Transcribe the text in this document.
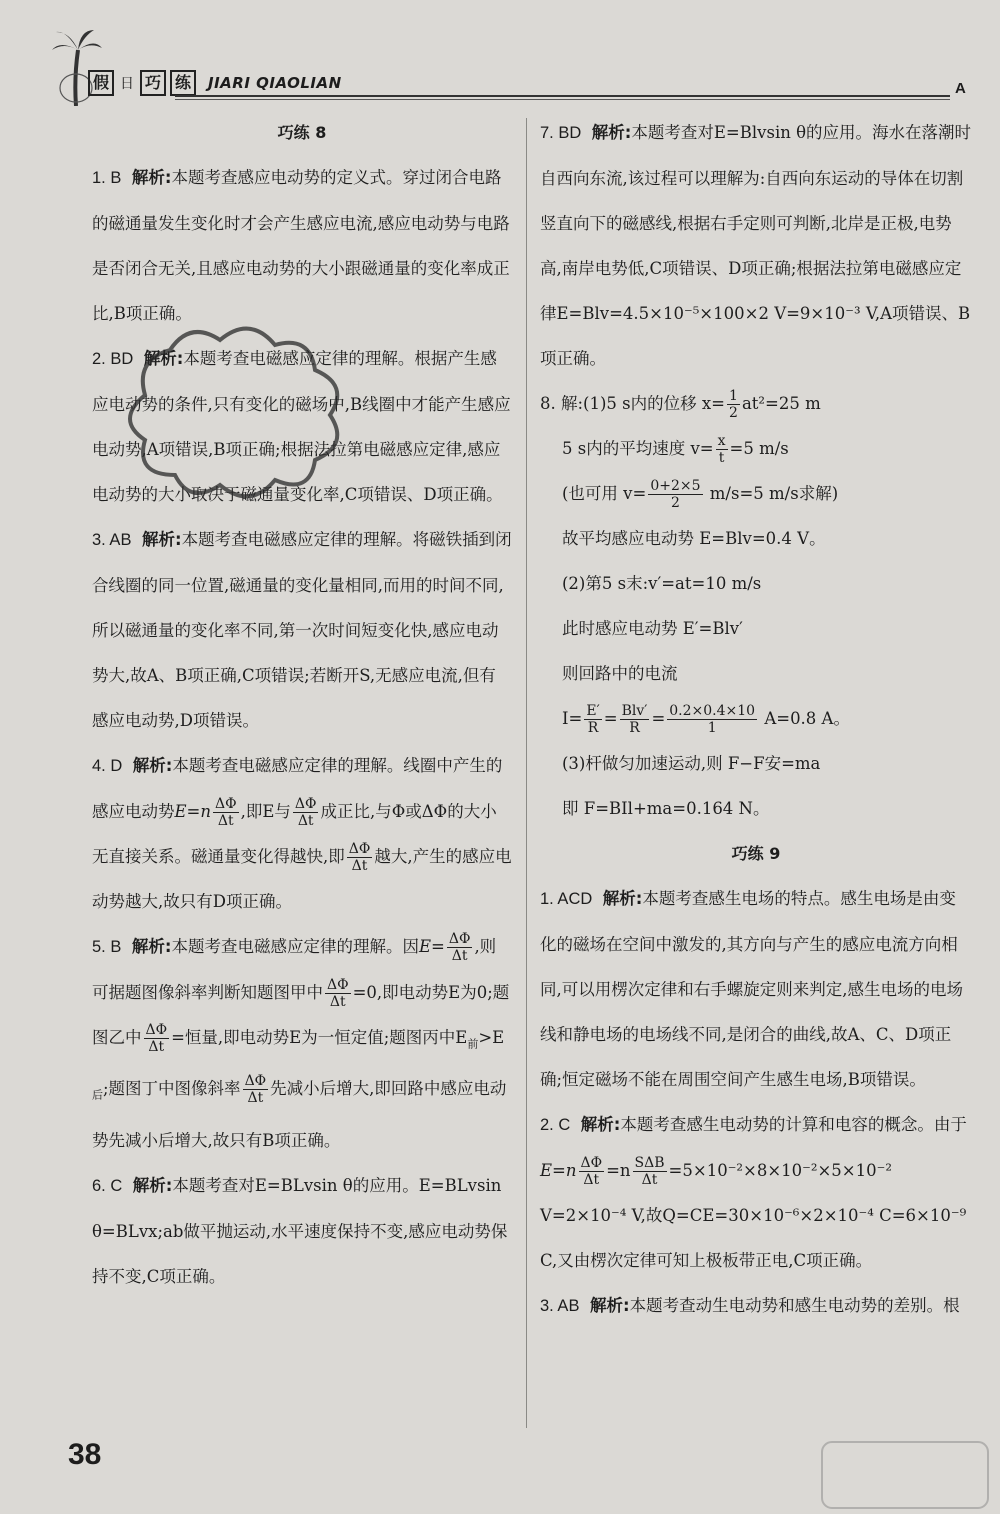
假 日 巧 练	JIARI QIAOLIAN	A
巧练 8

1. B 解析:本题考查感应电动势的定义式。穿过闭合电路的磁通量发生变化时才会产生感应电流,感应电动势与电路是否闭合无关,且感应电动势的大小跟磁通量的变化率成正比,B项正确。

2. BD 解析:本题考查电磁感应定律的理解。根据产生感应电动势的条件,只有变化的磁场中,B线圈中才能产生感应电动势,A项错误,B项正确;根据法拉第电磁感应定律,感应电动势的大小取决于磁通量变化率,C项错误、D项正确。

3. AB 解析:本题考查电磁感应定律的理解。将磁铁插到闭合线圈的同一位置,磁通量的变化量相同,而用的时间不同,所以磁通量的变化率不同,第一次时间短变化快,感应电动势大,故A、B项正确,C项错误;若断开S,无感应电流,但有感应电动势,D项错误。

4. D 解析:本题考查电磁感应定律的理解。线圈中产生的感应电动势$E=n \frac{\Delta\Phi}{\Delta t}$ ,即E与 $\frac{\Delta\Phi}{\Delta t}$ 成正比,与Φ或ΔΦ的大小无直接关系。磁通量变化得越快,即 $\frac{\Delta\Phi}{\Delta t}$ 越大,产生的感应电动势越大,故只有D项正确。

5. B 解析:本题考查电磁感应定律的理解。因$E= \frac{\Delta\Phi}{\Delta t}$ ,则可据题图像斜率判断知题图甲中 $\frac{\Delta\Phi}{\Delta t} =0$,即电动势E为0;题图乙中 $\frac{\Delta\Phi}{\Delta t}$ =恒量,即电动势E为一恒定值;题图丙中$E_前>E_后$;题图丁中图像斜率 $\frac{\Delta\Phi}{\Delta t}$ 先减小后增大,即回路中感应电动势先减小后增大,故只有B项正确。

6. C 解析:本题考查对E=BLvsin θ的应用。E=BLvsin θ=BLvx;ab做平抛运动,水平速度保持不变,感应电动势保持不变,C项正确。

7. BD 解析:本题考查对E=Blvsin θ的应用。海水在落潮时自西向东流,该过程可以理解为:自西向东运动的导体在切割竖直向下的磁感线,根据右手定则可判断,北岸是正极,电势高,南岸电势低,C项错误、D项正确;根据法拉第电磁感应定律E=Blv=4.5×10⁻⁵×100×2 V=9×10⁻³ V,A项错误、B项正确。

8. 解:(1)5 s内的位移 $x= \frac{1}{2} at^2=25$ m

5 s内的平均速度 $v= \frac{x}{t} =5$ m/s

(也可用 $v= \frac{0+2\times 5}{2} m/s=5$ m/s求解)

故平均感应电动势 E=Blv=0.4 V。

(2)第5 s末:v′=at=10 m/s

此时感应电动势 E′=Blv′

则回路中的电流

$I= \frac{E'}{R} = \frac{\text{Blv′}}{R} = \frac{0.2\times 0.4\times 10}{1} A=0.8$ A。

(3)杆做匀加速运动,则 F−F安=ma

即 F=BIl+ma=0.164 N。

巧练 9

1. ACD 解析:本题考查感生电场的特点。感生电场是由变化的磁场在空间中激发的,其方向与产生的感应电流方向相同,可以用楞次定律和右手螺旋定则来判定,感生电场的电场线和静电场的电场线不同,是闭合的曲线,故A、C、D项正确;恒定磁场不能在周围空间产生感生电场,B项错误。

2. C 解析:本题考查感生电动势的计算和电容的概念。由于$E=n \frac{\Delta\Phi}{\Delta t} =n \frac{\text{SΔB}}{\Delta t} =5\times 10^{-2}\times 8\times 10^{-2}\times 5\times 10^{-2}$ V=2×10⁻⁴ V,故Q=CE=30×10⁻⁶×2×10⁻⁴ C=6×10⁻⁹ C,又由楞次定律可知上极板带正电,C项正确。

3. AB 解析:本题考查动生电动势和感生电动势的差别。根

38
